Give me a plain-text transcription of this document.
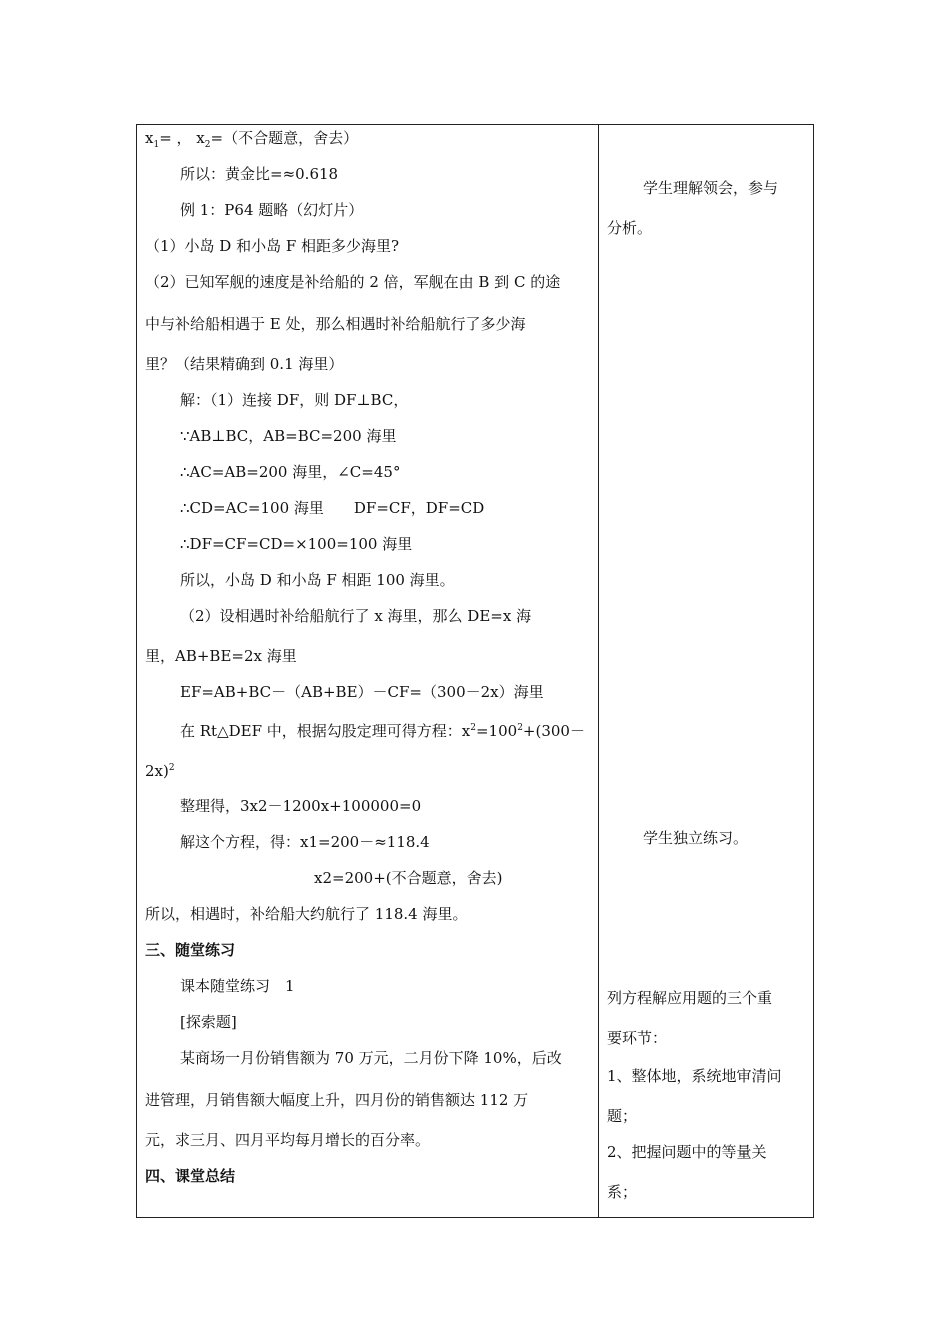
$x_1=$ ， $x_2=$（不合题意，舍去）
所以：黄金比=≈0.618
例 1：P64 题略（幻灯片）
（1）小岛 D 和小岛 F 相距多少海里?
（2）已知军舰的速度是补给船的 2 倍，军舰在由 B 到 C 的途
中与补给船相遇于 E 处，那么相遇时补给船航行了多少海
里？（结果精确到 0.1 海里）
解：（1）连接 DF，则 DF⊥BC，
∵AB⊥BC，AB=BC=200 海里
∴AC=AB=200 海里，∠C=45°
∴CD=AC=100 海里　　DF=CF，DF=CD
∴DF=CF=CD=×100=100 海里
所以，小岛 D 和小岛 F 相距 100 海里。
（2）设相遇时补给船航行了 x 海里，那么 DE=x 海
里，AB+BE=2x 海里
EF=AB+BC－（AB+BE）－CF=（300－2x）海里
在 Rt△DEF 中，根据勾股定理可得方程：$x^2=100^2+(300-$
2x)$^2$
整理得，3x2－1200x+100000=0
解这个方程，得：x1=200－≈118.4
x2=200+(不合题意，舍去)
所以，相遇时，补给船大约航行了 118.4 海里。
三、随堂练习
课本随堂练习　1
[探索题]
某商场一月份销售额为 70 万元，二月份下降 10%，后改
进管理，月销售额大幅度上升，四月份的销售额达 112 万
元，求三月、四月平均每月增长的百分率。
四、课堂总结
学生理解领会，参与
分析。
学生独立练习。
列方程解应用题的三个重
要环节：
1、整体地，系统地审清问
题；
2、把握问题中的等量关
系；
